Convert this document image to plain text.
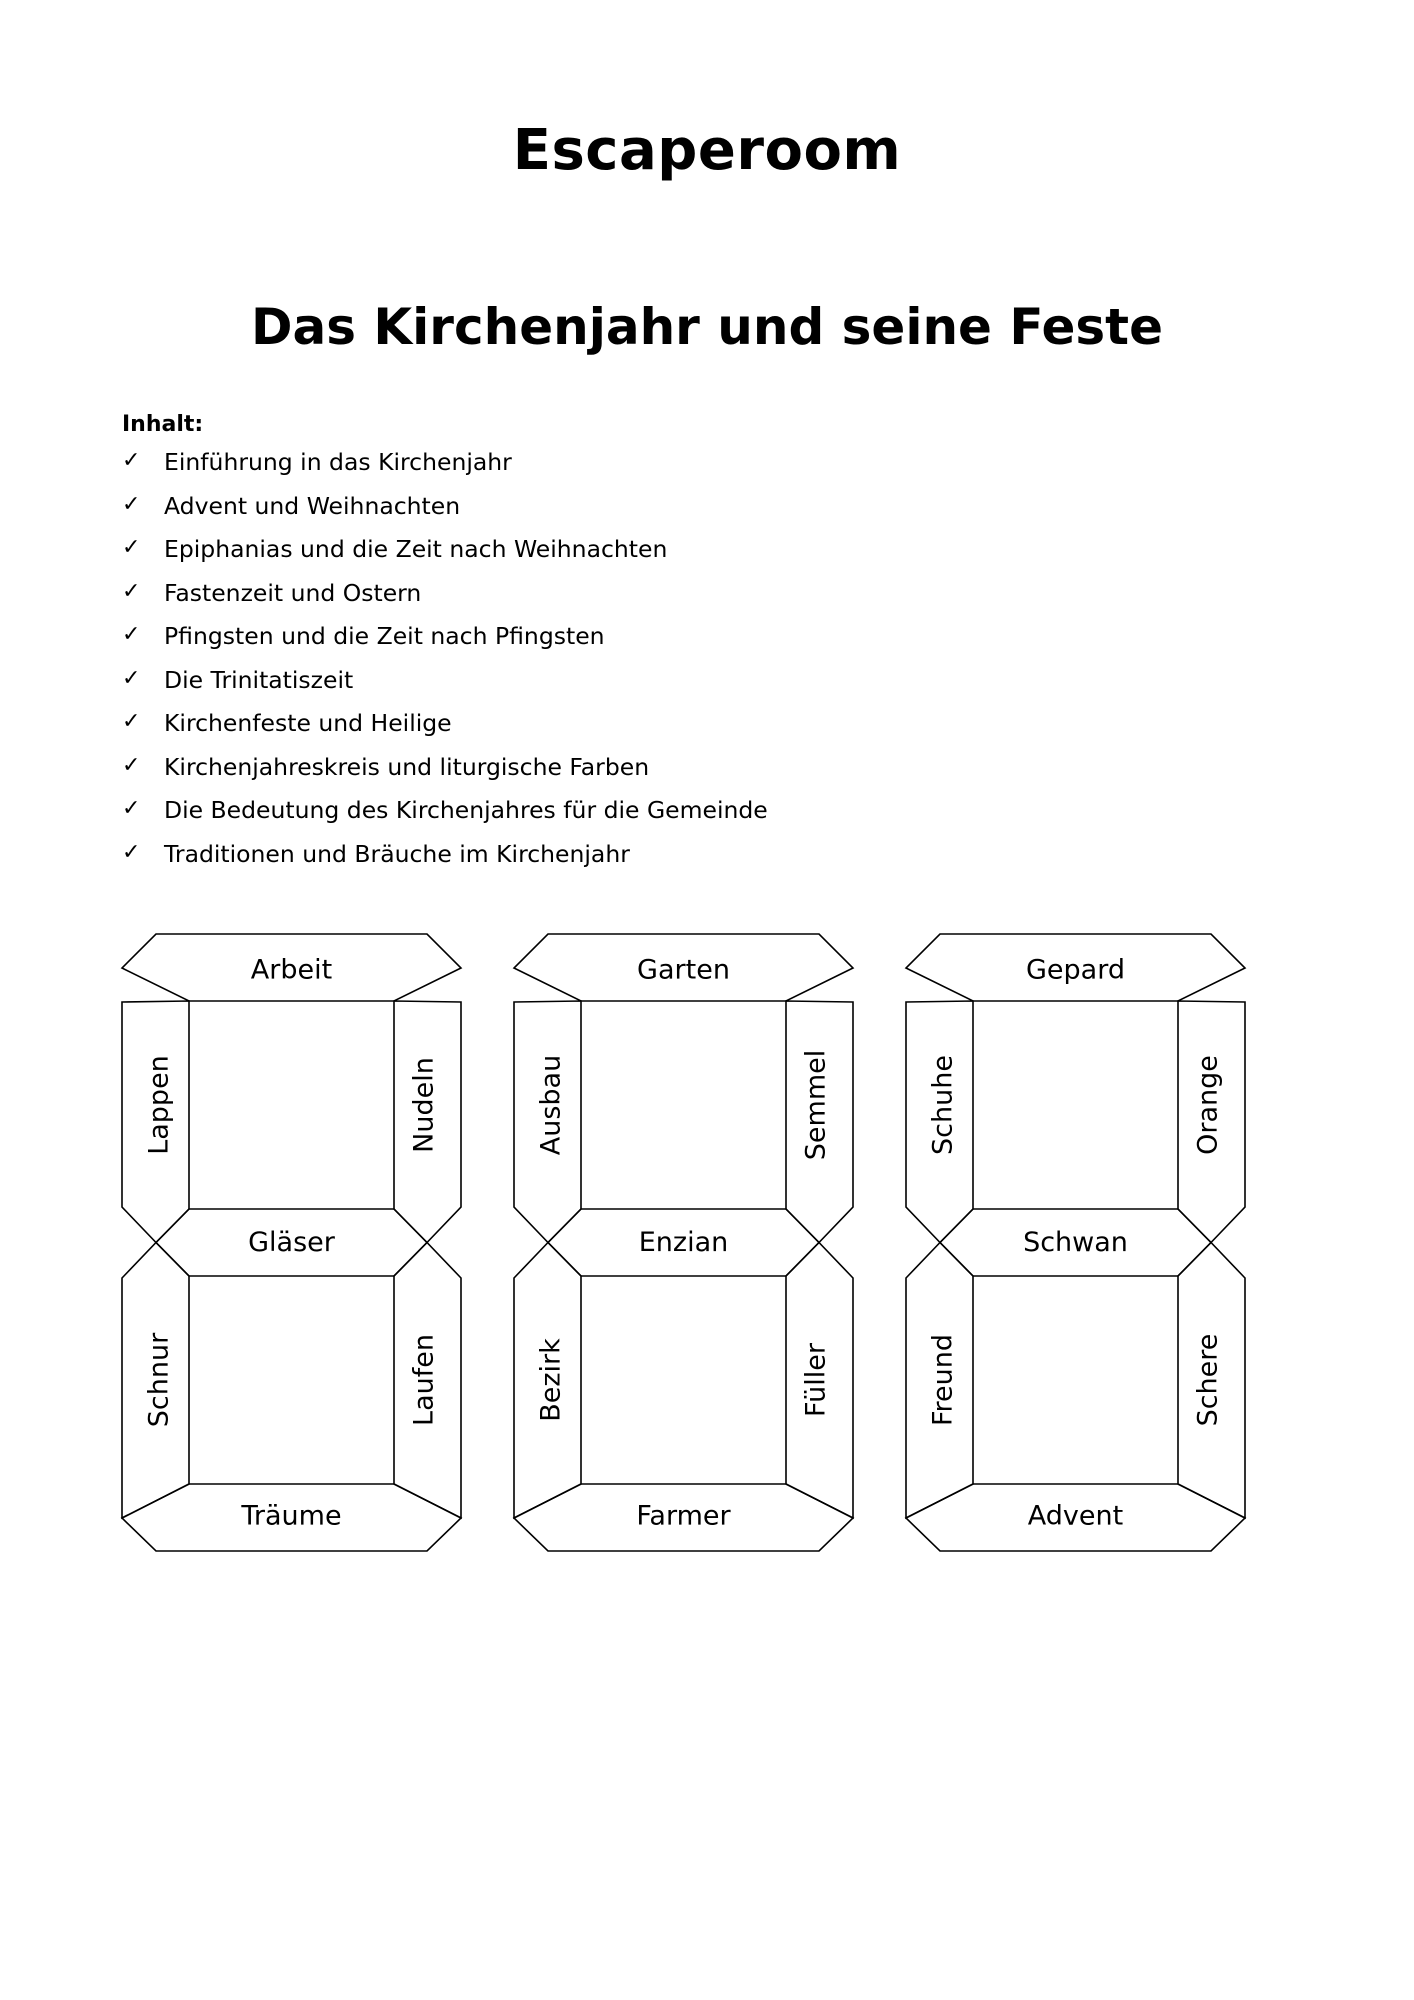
Escaperoom
Das Kirchenjahr und seine Feste
Inhalt:
✓	Einführung in das Kirchenjahr
✓	Advent und Weihnachten
✓	Epiphanias und die Zeit nach Weihnachten
✓	Fastenzeit und Ostern
✓	Pfingsten und die Zeit nach Pfingsten
✓	Die Trinitatiszeit
✓	Kirchenfeste und Heilige
✓	Kirchenjahreskreis und liturgische Farben
✓	Die Bedeutung des Kirchenjahres für die Gemeinde
✓	Traditionen und Bräuche im Kirchenjahr
Arbeit
Lappen	Nudeln
Gläser
Schnur	Laufen
Träume
Garten
Ausbau	Semmel
Enzian
Bezirk	Füller
Farmer
Gepard
Schuhe	Orange
Schwan
Freund	Schere
Advent
